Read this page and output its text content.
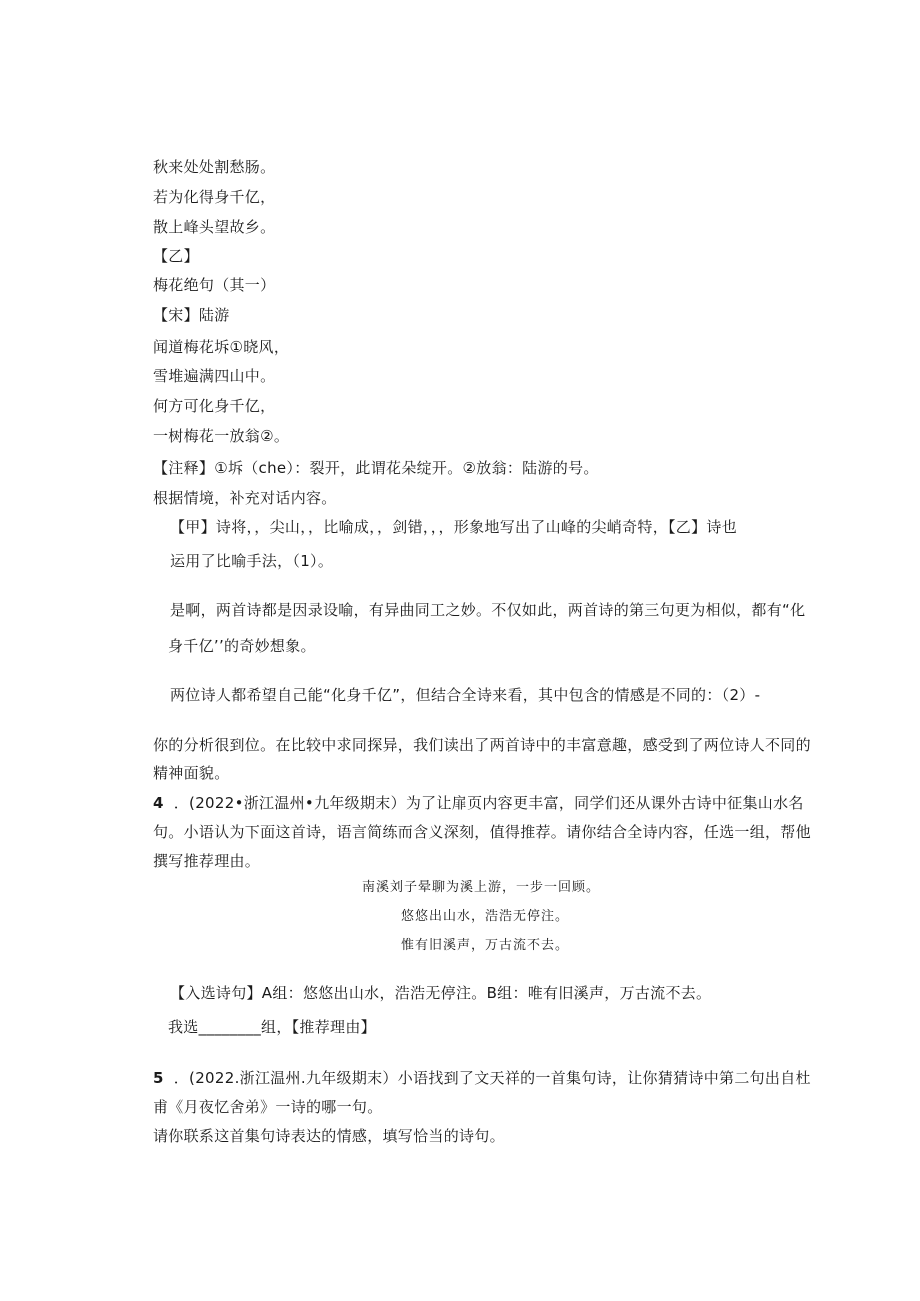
秋来处处割愁肠。
若为化得身千亿，
散上峰头望故乡。
【乙】
梅花绝句（其一）
【宋】陆游
闻道梅花坼①晓风，
雪堆遍满四山中。
何方可化身千亿，
一树梅花一放翁②。
【注释】①坼（che）：裂开，此谓花朵绽开。②放翁：陆游的号。
根据情境，补充对话内容。
【甲】诗将，，尖山，，比喻成，，剑错，，，形象地写出了山峰的尖峭奇特，【乙】诗也
运用了比喻手法，（1）。
是啊，两首诗都是因录设喻，有异曲同工之妙。不仅如此，两首诗的第三句更为相似，都有“化
身千亿’’的奇妙想象。
两位诗人都希望自己能“化身千亿”，但结合全诗来看，其中包含的情感是不同的：（2）-
你的分析很到位。在比较中求同探异，我们读出了两首诗中的丰富意趣，感受到了两位诗人不同的
精神面貌。
4 ．(2022•浙江温州•九年级期末）为了让扉页内容更丰富，同学们还从课外古诗中征集山水名
句。小语认为下面这首诗，语言简练而含义深刻，值得推荐。请你结合全诗内容，任选一组，帮他
撰写推荐理由。
南溪刘子晕聊为溪上游，一步一回顾。
悠悠出山水，浩浩无停注。
惟有旧溪声，万古流不去。
【入选诗句】A组：悠悠出山水，浩浩无停注。B组：唯有旧溪声，万古流不去。
我选________组，【推荐理由】
5 ．(2022.浙江温州.九年级期末）小语找到了文天祥的一首集句诗，让你猜猜诗中第二句出自杜
甫《月夜忆舍弟》一诗的哪一句。
请你联系这首集句诗表达的情感，填写恰当的诗句。
